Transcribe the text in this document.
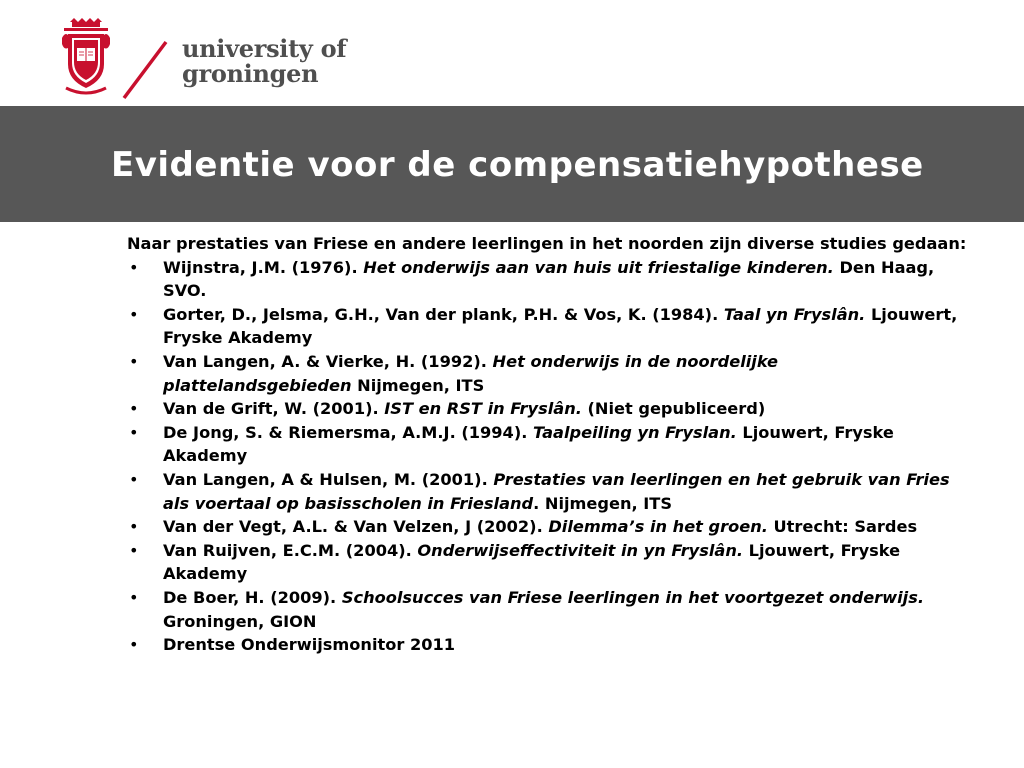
university of
groningen
Evidentie voor de compensatiehypothese

Naar prestaties van Friese en andere leerlingen in het noorden zijn diverse studies gedaan:

• Wijnstra, J.M. (1976). Het onderwijs aan van huis uit friestalige kinderen. Den Haag, SVO.
• Gorter, D., Jelsma, G.H., Van der plank, P.H. & Vos, K. (1984). Taal yn Fryslân. Ljouwert, Fryske Akademy
• Van Langen, A. & Vierke, H. (1992). Het onderwijs in de noordelijke plattelandsgebieden Nijmegen, ITS
• Van de Grift, W. (2001). IST en RST in Fryslân. (Niet gepubliceerd)
• De Jong, S. & Riemersma, A.M.J. (1994). Taalpeiling yn Fryslan. Ljouwert, Fryske Akademy
• Van Langen, A & Hulsen, M. (2001). Prestaties van leerlingen en het gebruik van Fries als voertaal op basisscholen in Friesland. Nijmegen, ITS
• Van der Vegt, A.L. & Van Velzen, J (2002). Dilemma’s in het groen. Utrecht: Sardes
• Van Ruijven, E.C.M. (2004). Onderwijseffectiviteit in yn Fryslân. Ljouwert, Fryske Akademy
• De Boer, H. (2009). Schoolsucces van Friese leerlingen in het voortgezet onderwijs. Groningen, GION
• Drentse Onderwijsmonitor 2011
